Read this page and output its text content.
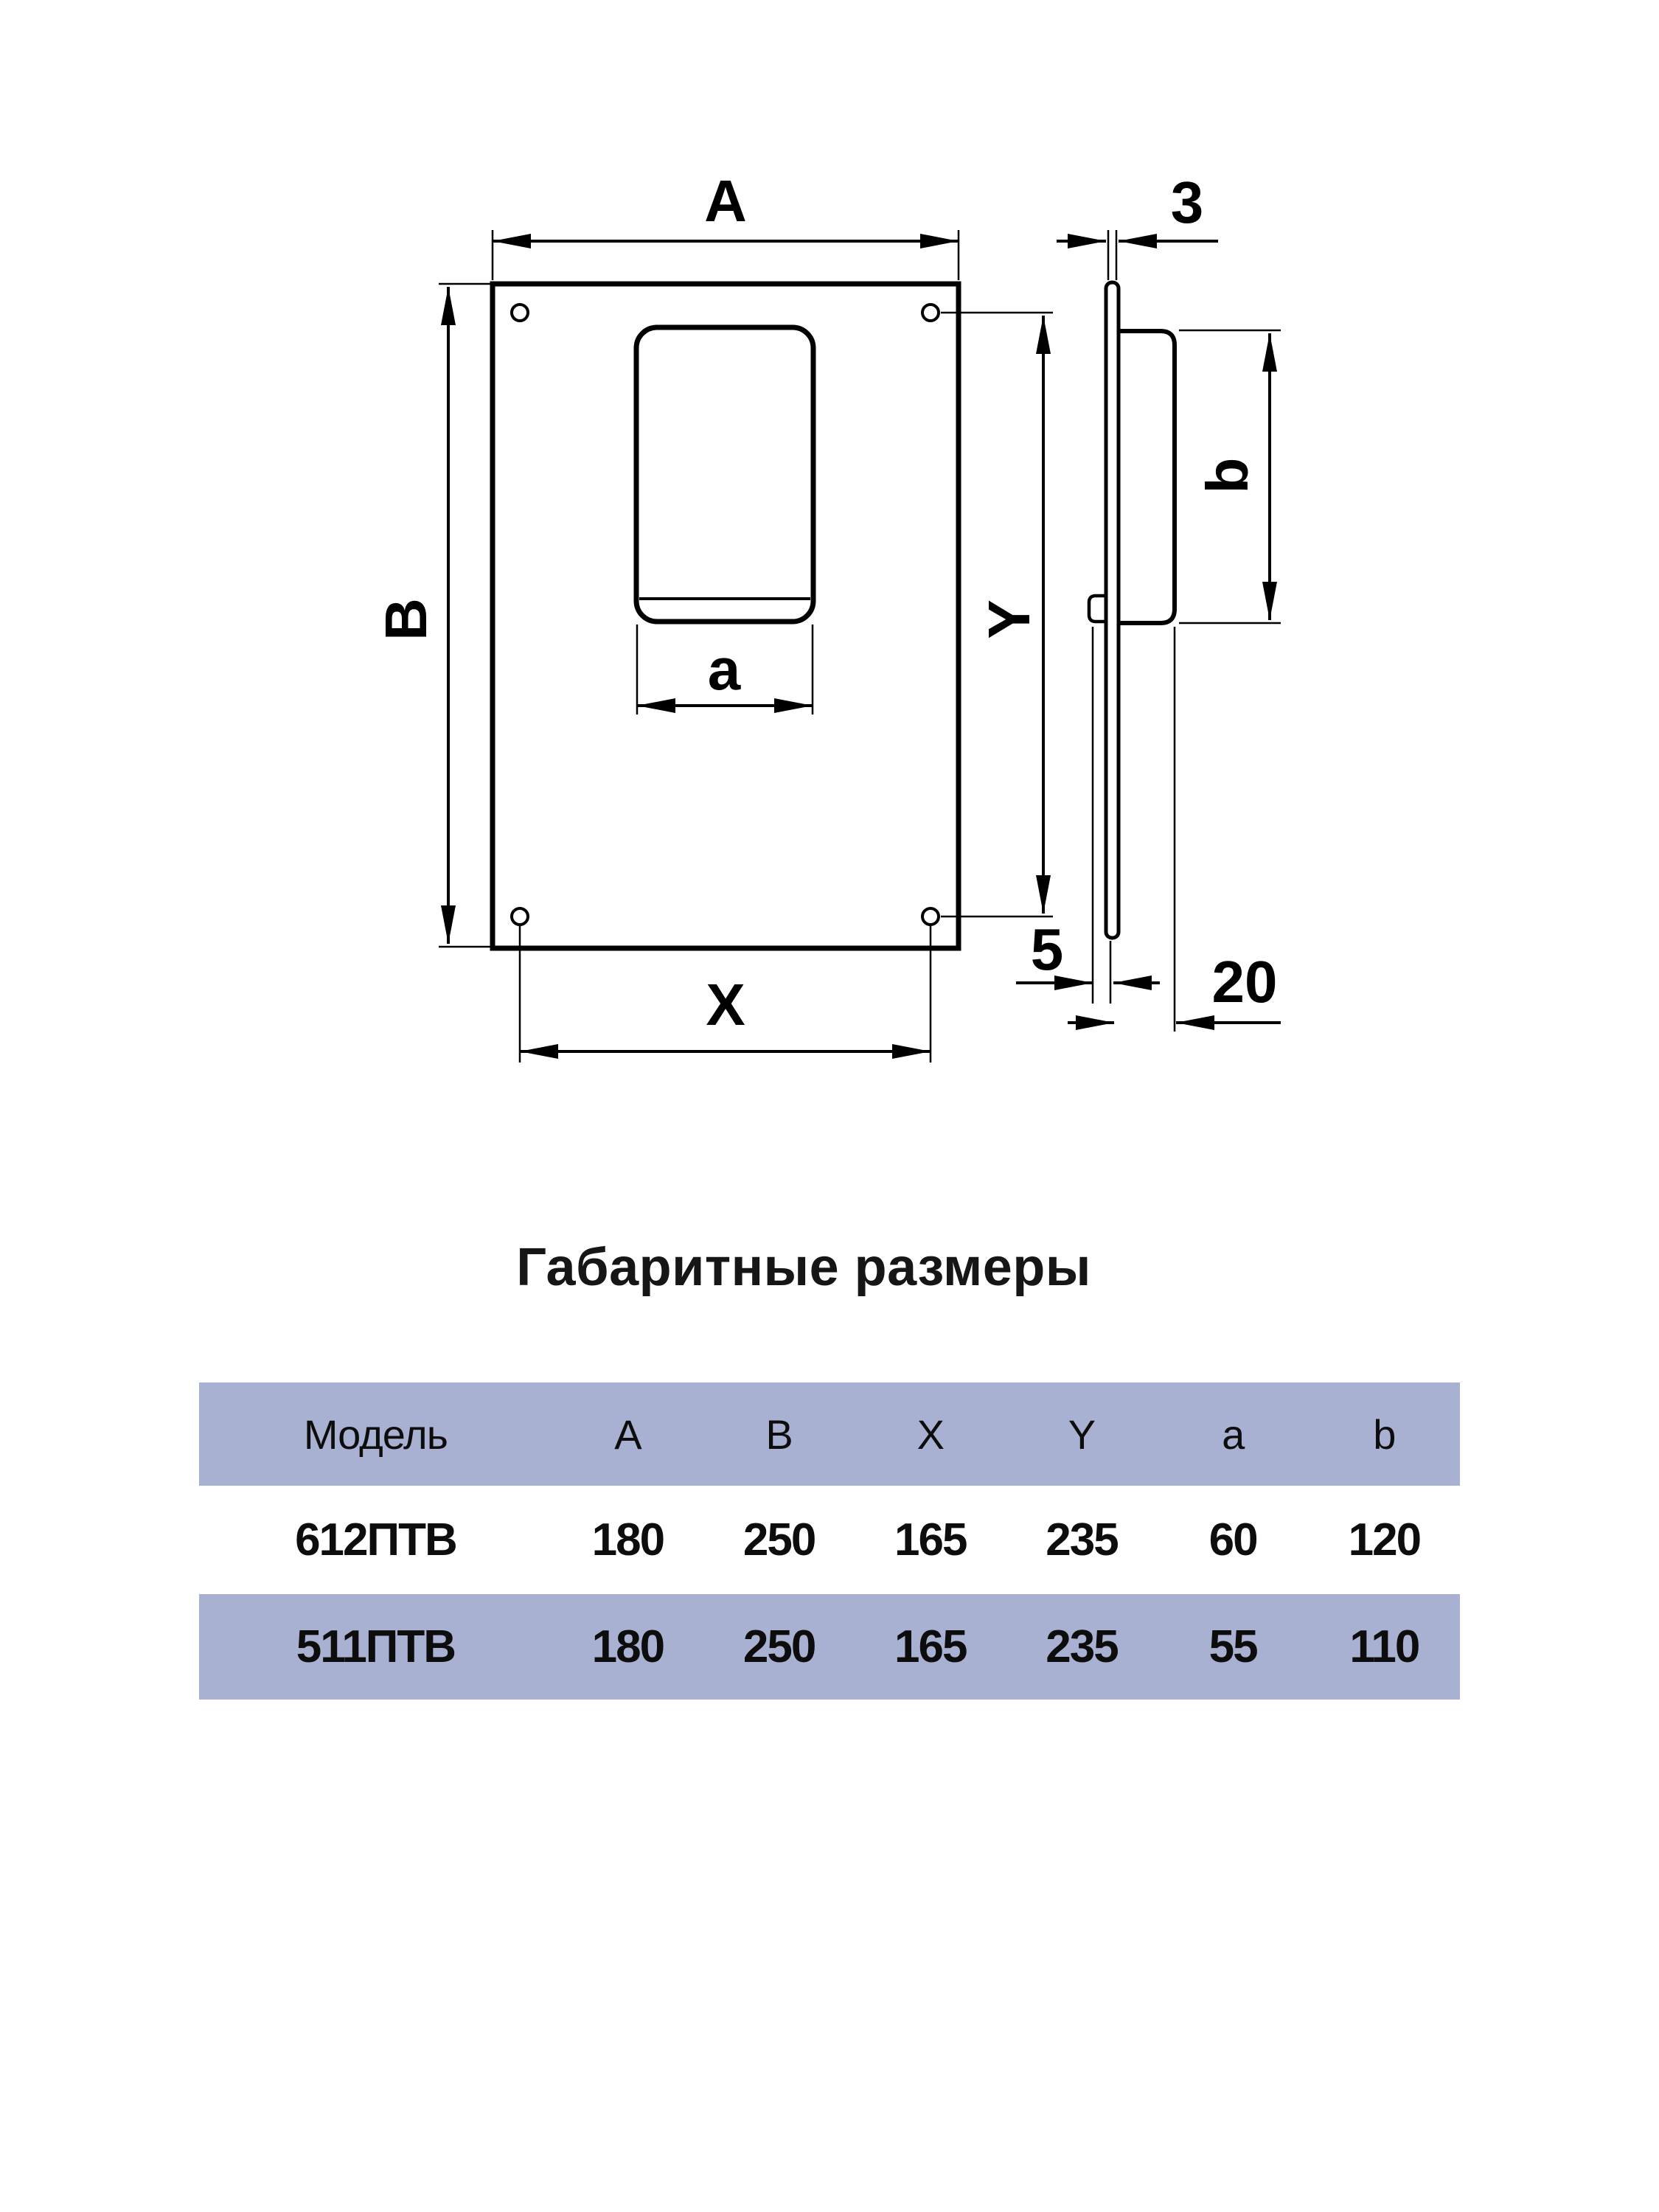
A
B	Y
X
a
3
b
5	20
Габаритные размеры
Модель	A	B	X	Y	a	b
612ПТВ	180	250	165	235	60	120
511ПТВ	180	250	165	235	55	110
